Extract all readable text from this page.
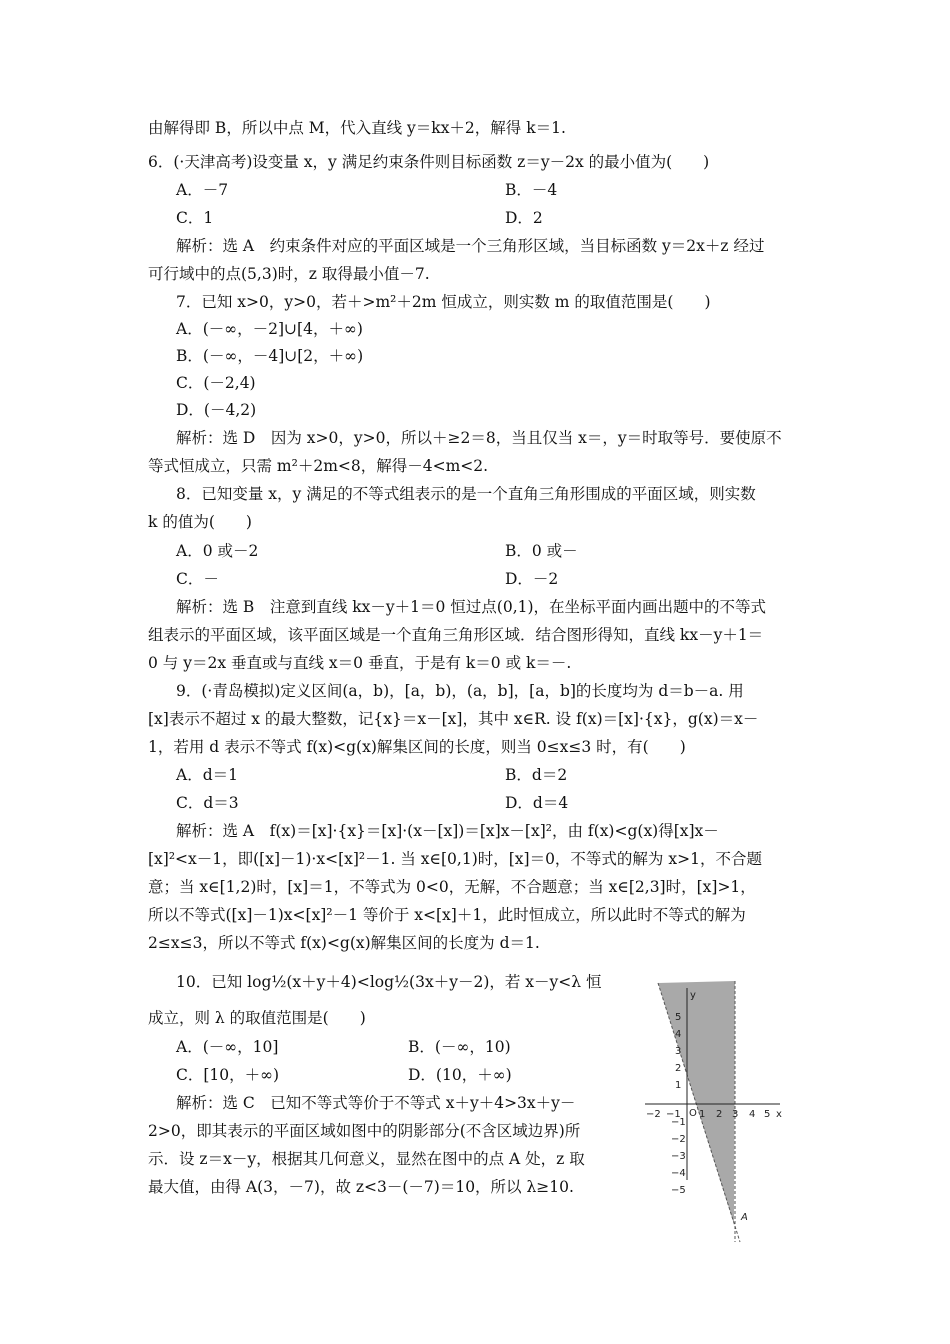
由解得即 B，所以中点 M，代入直线 y＝kx＋2，解得 k＝1.
6．(·天津高考)设变量 x，y 满足约束条件则目标函数 z＝y－2x 的最小值为(　　)
A．－7	B．－4
C．1	D．2
解析：选 A　约束条件对应的平面区域是一个三角形区域，当目标函数 y＝2x＋z 经过
可行域中的点(5,3)时，z 取得最小值－7.
7．已知 x>0，y>0，若＋>m²＋2m 恒成立，则实数 m 的取值范围是(　　)
A．(－∞，－2]∪[4，＋∞)
B．(－∞，－4]∪[2，＋∞)
C．(－2,4)
D．(－4,2)
解析：选 D　因为 x>0，y>0，所以＋≥2＝8，当且仅当 x＝，y＝时取等号．要使原不
等式恒成立，只需 m²＋2m<8，解得－4<m<2.
8．已知变量 x，y 满足的不等式组表示的是一个直角三角形围成的平面区域，则实数
k 的值为(　　)
A．0 或－2	B．0 或－
C．－	D．－2
解析：选 B　注意到直线 kx－y＋1＝0 恒过点(0,1)，在坐标平面内画出题中的不等式
组表示的平面区域，该平面区域是一个直角三角形区域．结合图形得知，直线 kx－y＋1＝
0 与 y＝2x 垂直或与直线 x＝0 垂直，于是有 k＝0 或 k＝－.
9．(·青岛模拟)定义区间(a，b)，[a，b)，(a，b]，[a，b]的长度均为 d＝b－a. 用
[x]表示不超过 x 的最大整数，记{x}＝x－[x]，其中 x∈R. 设 f(x)＝[x]·{x}，g(x)＝x－
1，若用 d 表示不等式 f(x)<g(x)解集区间的长度，则当 0≤x≤3 时，有(　　)
A．d＝1	B．d＝2
C．d＝3	D．d＝4
解析：选 A　f(x)＝[x]·{x}＝[x]·(x－[x])＝[x]x－[x]²，由 f(x)<g(x)得[x]x－
[x]²<x－1，即([x]－1)·x<[x]²－1. 当 x∈[0,1)时，[x]＝0，不等式的解为 x>1，不合题
意；当 x∈[1,2)时，[x]＝1，不等式为 0<0，无解，不合题意；当 x∈[2,3]时，[x]>1，
所以不等式([x]－1)x<[x]²－1 等价于 x<[x]＋1，此时恒成立，所以此时不等式的解为
2≤x≤3，所以不等式 f(x)<g(x)解集区间的长度为 d＝1.
10．已知 log½(x＋y＋4)<log½(3x＋y－2)，若 x－y<λ 恒
成立，则 λ 的取值范围是(　　)
A．(－∞，10]	B．(－∞，10)
C．[10，＋∞)	D．(10，＋∞)
解析：选 C　已知不等式等价于不等式 x＋y＋4>3x＋y－
2>0，即其表示的平面区域如图中的阴影部分(不含区域边界)所
示．设 z＝x－y，根据其几何意义，显然在图中的点 A 处，z 取
最大值，由得 A(3，－7)，故 z<3－(－7)＝10，所以 λ≥10.
x
y
O
−2 −1 1 2 3 4 5
5
4
3
2
1
−1
−2
−3
−4
−5
A
